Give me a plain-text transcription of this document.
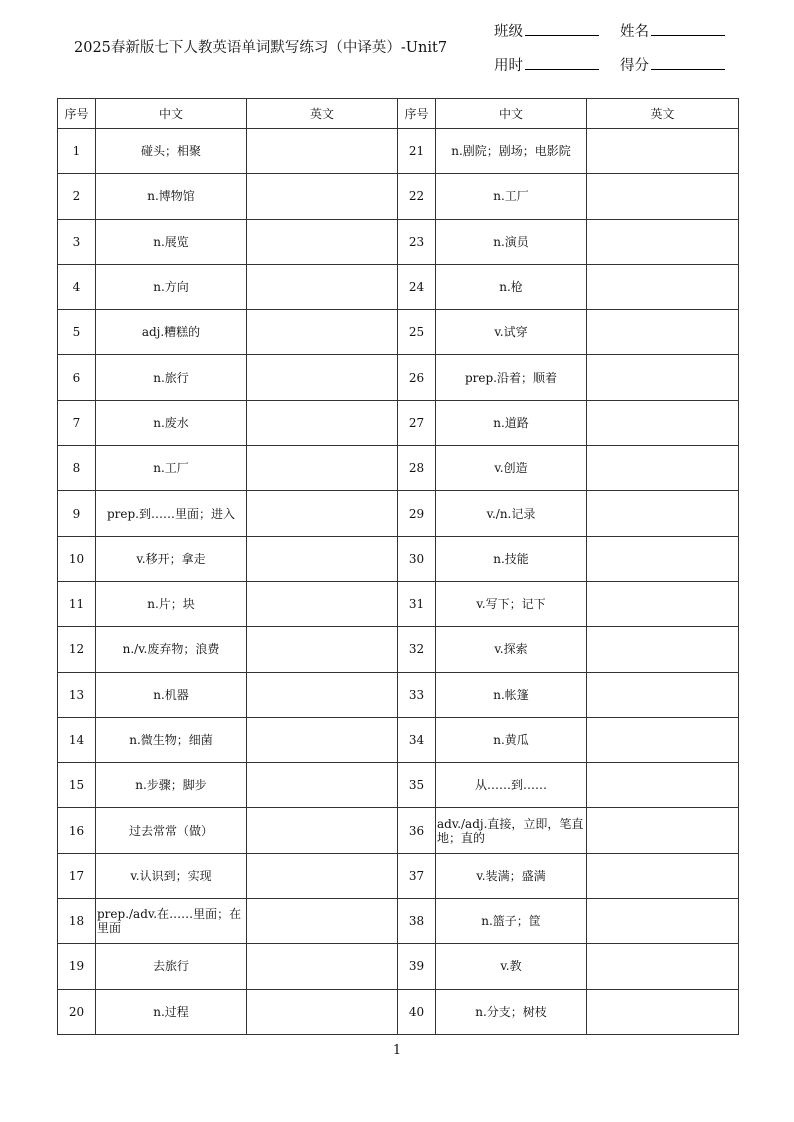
2025春新版七下人教英语单词默写练习（中译英）-Unit7
班级	姓名
用时	得分
序号	中文	英文	序号	中文	英文
1	碰头；相聚		21	n.剧院；剧场；电影院	
2	n.博物馆		22	n.工厂	
3	n.展览		23	n.演员	
4	n.方向		24	n.枪	
5	adj.糟糕的		25	v.试穿	
6	n.旅行		26	prep.沿着；顺着	
7	n.废水		27	n.道路	
8	n.工厂		28	v.创造	
9	prep.到……里面；进入		29	v./n.记录	
10	v.移开；拿走		30	n.技能	
11	n.片；块		31	v.写下；记下	
12	n./v.废弃物；浪费		32	v.探索	
13	n.机器		33	n.帐篷	
14	n.微生物；细菌		34	n.黄瓜	
15	n.步骤；脚步		35	从……到……	
16	过去常常（做）		36	adv./adj.直接，立即，笔直地；直的	
17	v.认识到；实现		37	v.装满；盛满	
18	prep./adv.在……里面；在里面		38	n.篮子；筐	
19	去旅行		39	v.教	
20	n.过程		40	n.分支；树枝	
1
